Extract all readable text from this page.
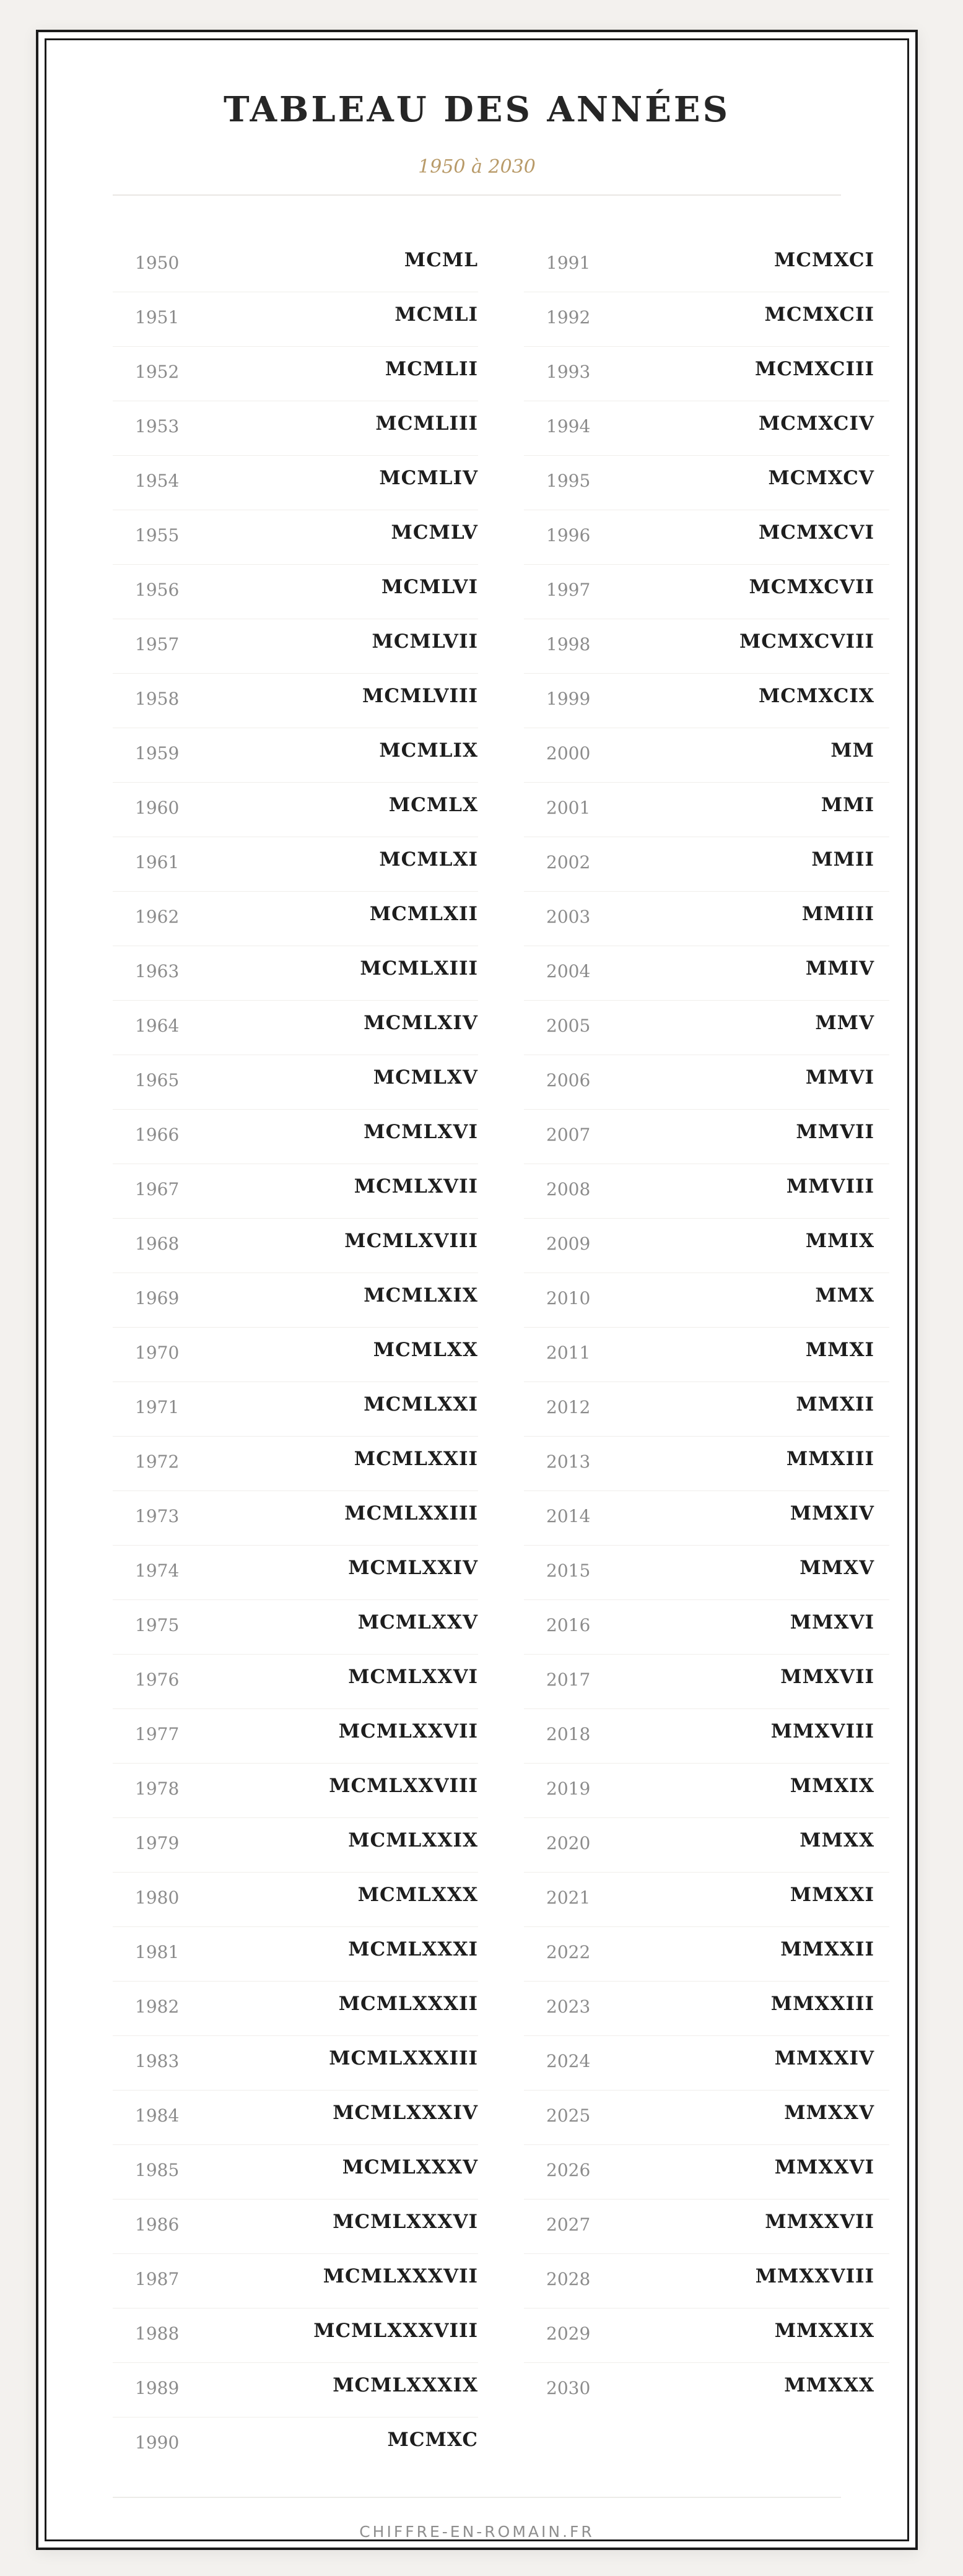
TABLEAU DES ANNÉES
1950 à 2030
1950	MCML
1951	MCMLI
1952	MCMLII
1953	MCMLIII
1954	MCMLIV
1955	MCMLV
1956	MCMLVI
1957	MCMLVII
1958	MCMLVIII
1959	MCMLIX
1960	MCMLX
1961	MCMLXI
1962	MCMLXII
1963	MCMLXIII
1964	MCMLXIV
1965	MCMLXV
1966	MCMLXVI
1967	MCMLXVII
1968	MCMLXVIII
1969	MCMLXIX
1970	MCMLXX
1971	MCMLXXI
1972	MCMLXXII
1973	MCMLXXIII
1974	MCMLXXIV
1975	MCMLXXV
1976	MCMLXXVI
1977	MCMLXXVII
1978	MCMLXXVIII
1979	MCMLXXIX
1980	MCMLXXX
1981	MCMLXXXI
1982	MCMLXXXII
1983	MCMLXXXIII
1984	MCMLXXXIV
1985	MCMLXXXV
1986	MCMLXXXVI
1987	MCMLXXXVII
1988	MCMLXXXVIII
1989	MCMLXXXIX
1990	MCMXC
1991	MCMXCI
1992	MCMXCII
1993	MCMXCIII
1994	MCMXCIV
1995	MCMXCV
1996	MCMXCVI
1997	MCMXCVII
1998	MCMXCVIII
1999	MCMXCIX
2000	MM
2001	MMI
2002	MMII
2003	MMIII
2004	MMIV
2005	MMV
2006	MMVI
2007	MMVII
2008	MMVIII
2009	MMIX
2010	MMX
2011	MMXI
2012	MMXII
2013	MMXIII
2014	MMXIV
2015	MMXV
2016	MMXVI
2017	MMXVII
2018	MMXVIII
2019	MMXIX
2020	MMXX
2021	MMXXI
2022	MMXXII
2023	MMXXIII
2024	MMXXIV
2025	MMXXV
2026	MMXXVI
2027	MMXXVII
2028	MMXXVIII
2029	MMXXIX
2030	MMXXX
CHIFFRE-EN-ROMAIN.FR
